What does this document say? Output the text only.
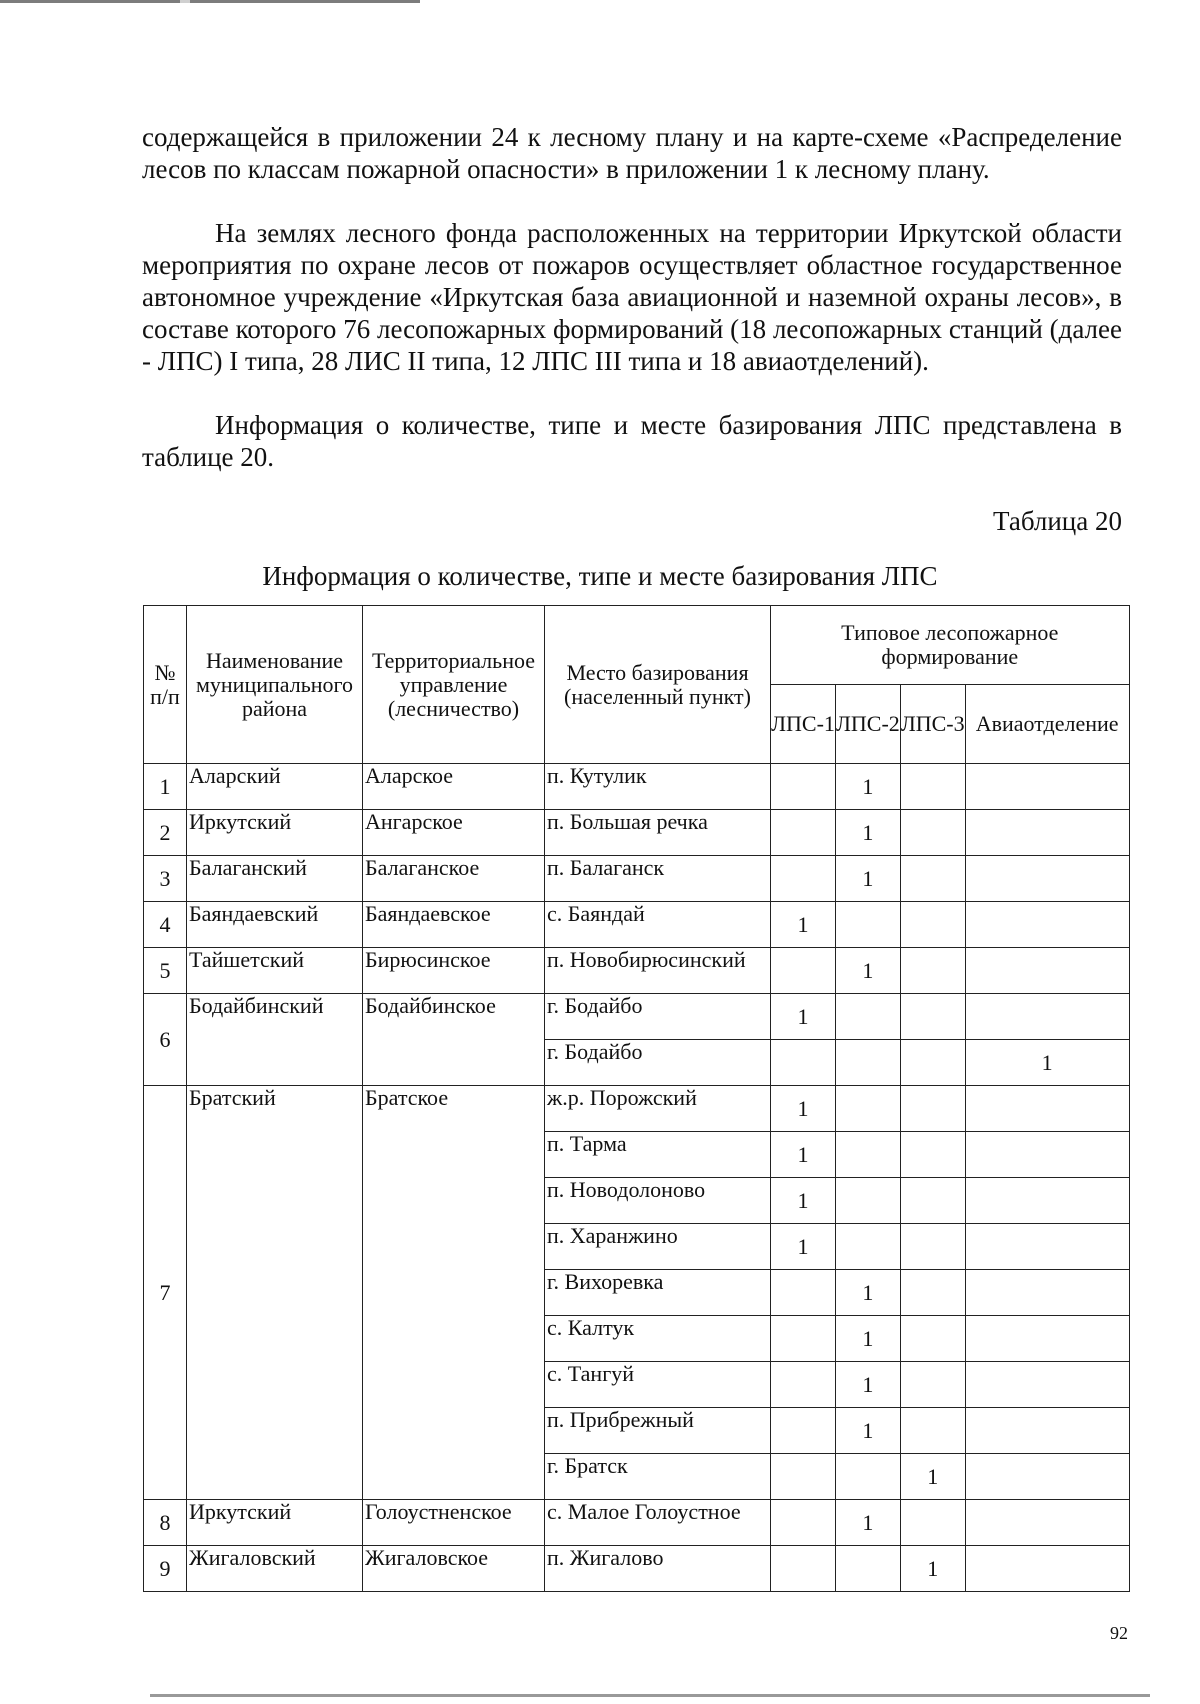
содержащейся в приложении 24 к лесному плану и на карте-схеме «Распределение лесов по классам пожарной опасности» в приложении 1 к лесному плану.

На землях лесного фонда расположенных на территории Иркутской области мероприятия по охране лесов от пожаров осуществляет областное государственное автономное учреждение «Иркутская база авиационной и наземной охраны лесов», в составе которого 76 лесопожарных формирований (18 лесопожарных станций (далее - ЛПС) I типа, 28 ЛИС II типа, 12 ЛПС III типа и 18 авиаотделений).

Информация о количестве, типе и месте базирования ЛПС представлена в таблице 20.

Таблица 20
Информация о количестве, типе и месте базирования ЛПС
№ п/п	Наименование муниципального района	Территориальное управление (лесничество)	Место базирования (населенный пункт)	Типовое лесопожарное формирование			
				ЛПС-1	ЛПС-2	ЛПС-3	Авиаотделение
1	Аларский	Аларское	п. Кутулик		1		
2	Иркутский	Ангарское	п. Большая речка		1		
3	Балаганский	Балаганское	п. Балаганск		1		
4	Баяндаевский	Баяндаевское	с. Баяндай	1			
5	Тайшетский	Бирюсинское	п. Новобирюсинский		1		
6	Бодайбинский	Бодайбинское	г. Бодайбо	1			
			г. Бодайбо				1
7	Братский	Братское	ж.р. Порожский	1			
			п. Тарма	1			
			п. Новодолоново	1			
			п. Харанжино	1			
			г. Вихоревка		1		
			с. Калтук		1		
			с. Тангуй		1		
			п. Прибрежный		1		
			г. Братск			1	
8	Иркутский	Голоустненское	с. Малое Голоустное		1		
9	Жигаловский	Жигаловское	п. Жигалово			1	
92
